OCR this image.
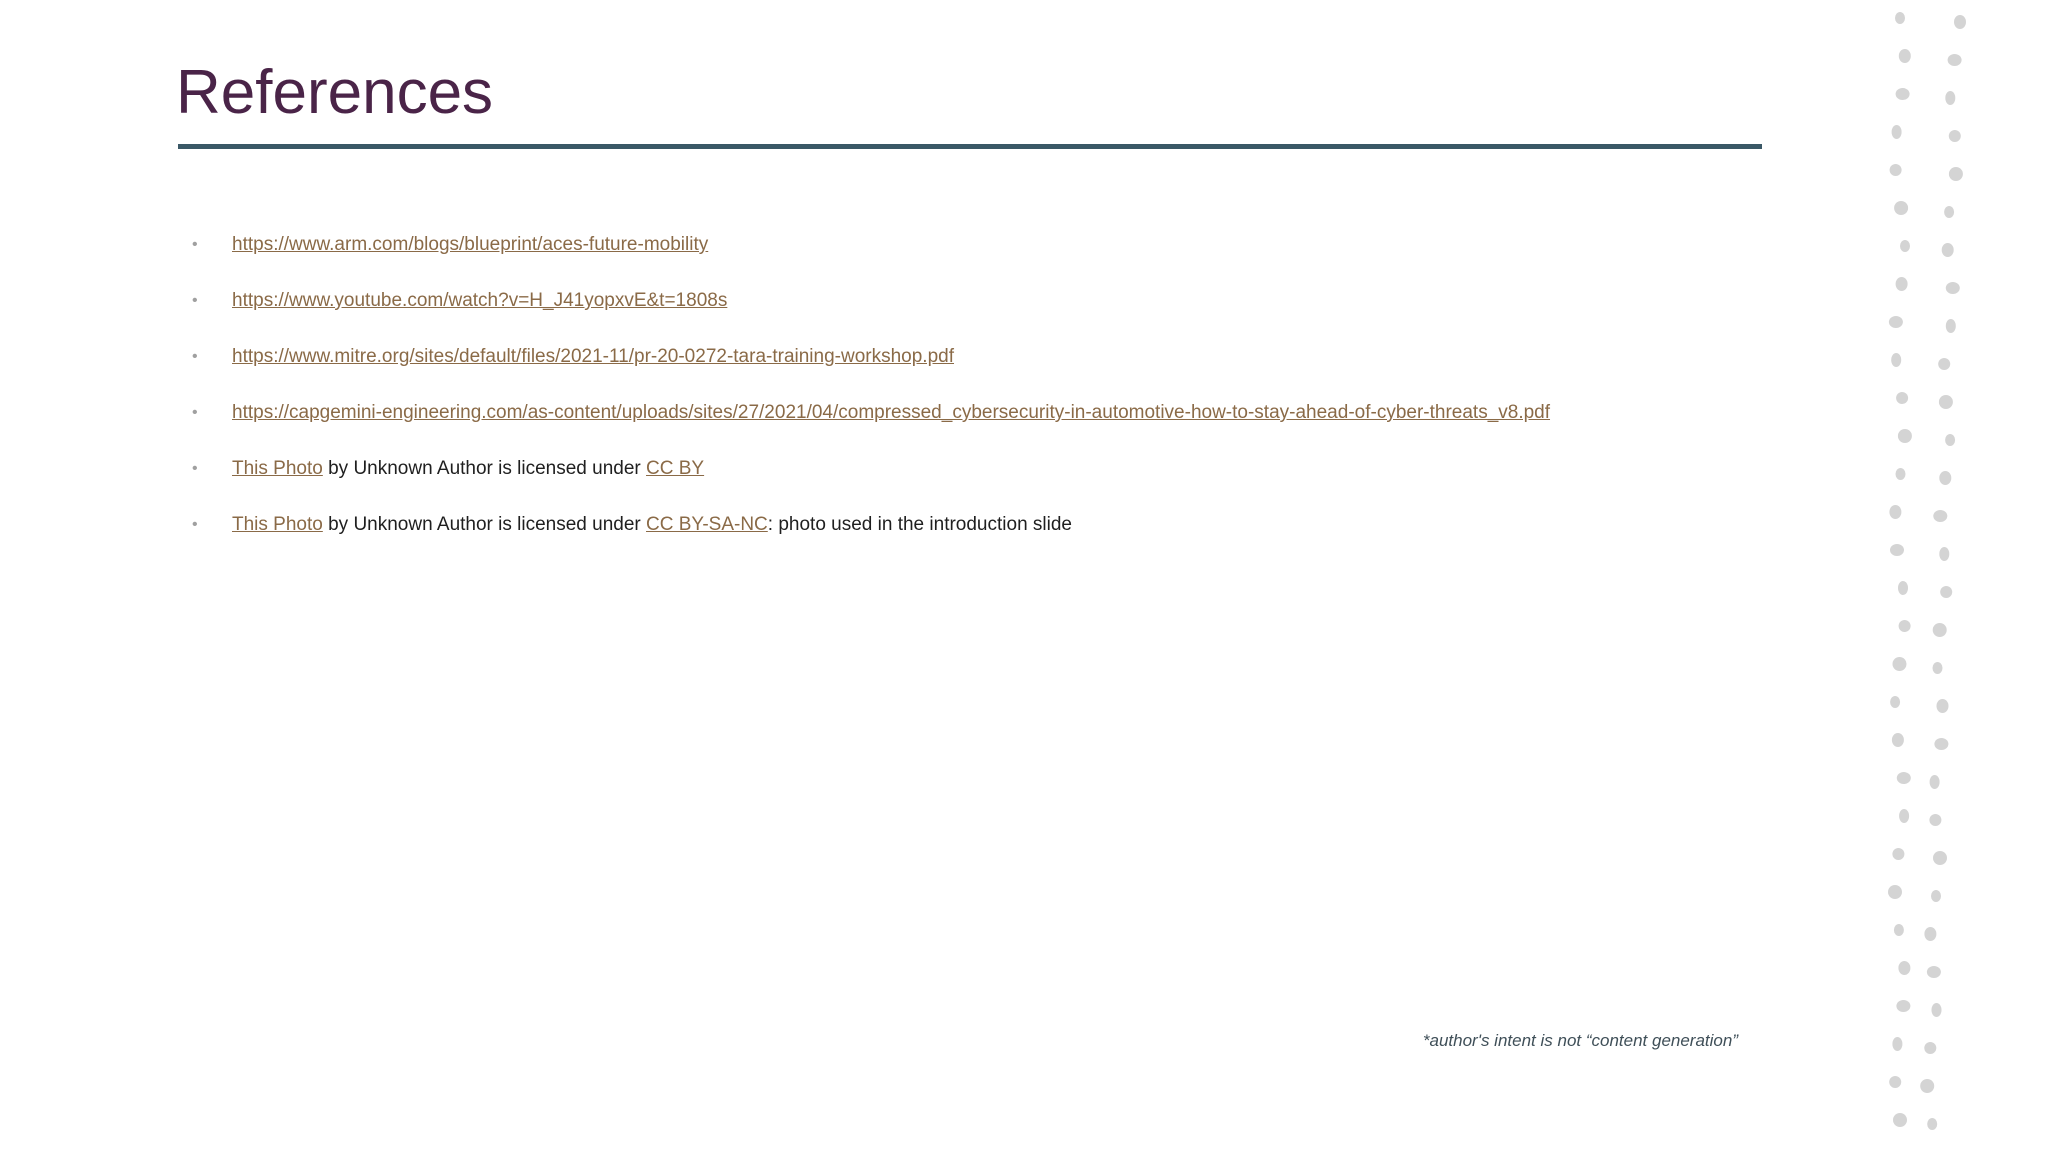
References
• https://www.arm.com/blogs/blueprint/aces-future-mobility
• https://www.youtube.com/watch?v=H_J41yopxvE&t=1808s
• https://www.mitre.org/sites/default/files/2021-11/pr-20-0272-tara-training-workshop.pdf
• https://capgemini-engineering.com/as-content/uploads/sites/27/2021/04/compressed_cybersecurity-in-automotive-how-to-stay-ahead-of-cyber-threats_v8.pdf
• This Photo by Unknown Author is licensed under CC BY
• This Photo by Unknown Author is licensed under CC BY-SA-NC: photo used in the introduction slide
*author's intent is not “content generation”
